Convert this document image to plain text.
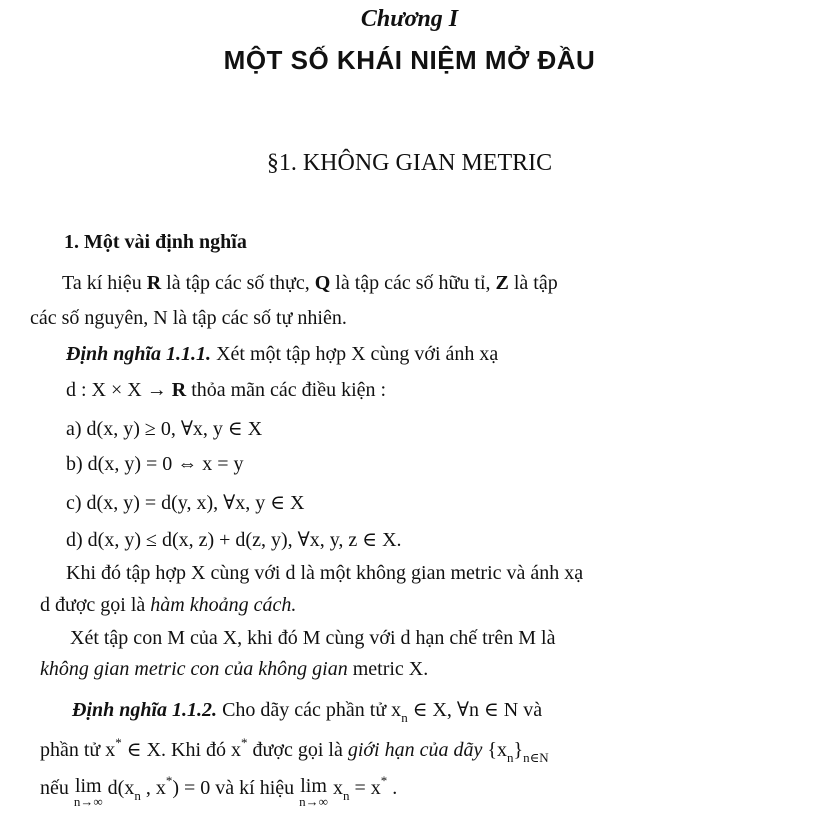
Chương I
MỘT SỐ KHÁI NIỆM MỞ ĐẦU
§1. KHÔNG GIAN METRIC
1. Một vài định nghĩa
Ta kí hiệu R là tập các số thực, Q là tập các số hữu tỉ, Z là tập
các số nguyên, N là tập các số tự nhiên.
Định nghĩa 1.1.1. Xét một tập hợp X cùng với ánh xạ
d : X × X → R thỏa mãn các điều kiện :
a) d(x, y) ≥ 0, ∀x, y ∈ X
b) d(x, y) = 0 ⇔ x = y
c) d(x, y) = d(y, x), ∀x, y ∈ X
d) d(x, y) ≤ d(x, z) + d(z, y), ∀x, y, z ∈ X.
Khi đó tập hợp X cùng với d là một không gian metric và ánh xạ
d được gọi là hàm khoảng cách.
Xét tập con M của X, khi đó M cùng với d hạn chế trên M là
không gian metric con của không gian metric X.
Định nghĩa 1.1.2. Cho dãy các phần tử $x_n$ ∈ X, ∀n ∈ N và
phần tử x* ∈ X. Khi đó x* được gọi là giới hạn của dãy $\{x_n\}_{n\in N}$
nếu lim
n→∞
$d(x_n$ , x*) = 0 và kí hiệu lim
n→∞
$x_n = x^*$ .
